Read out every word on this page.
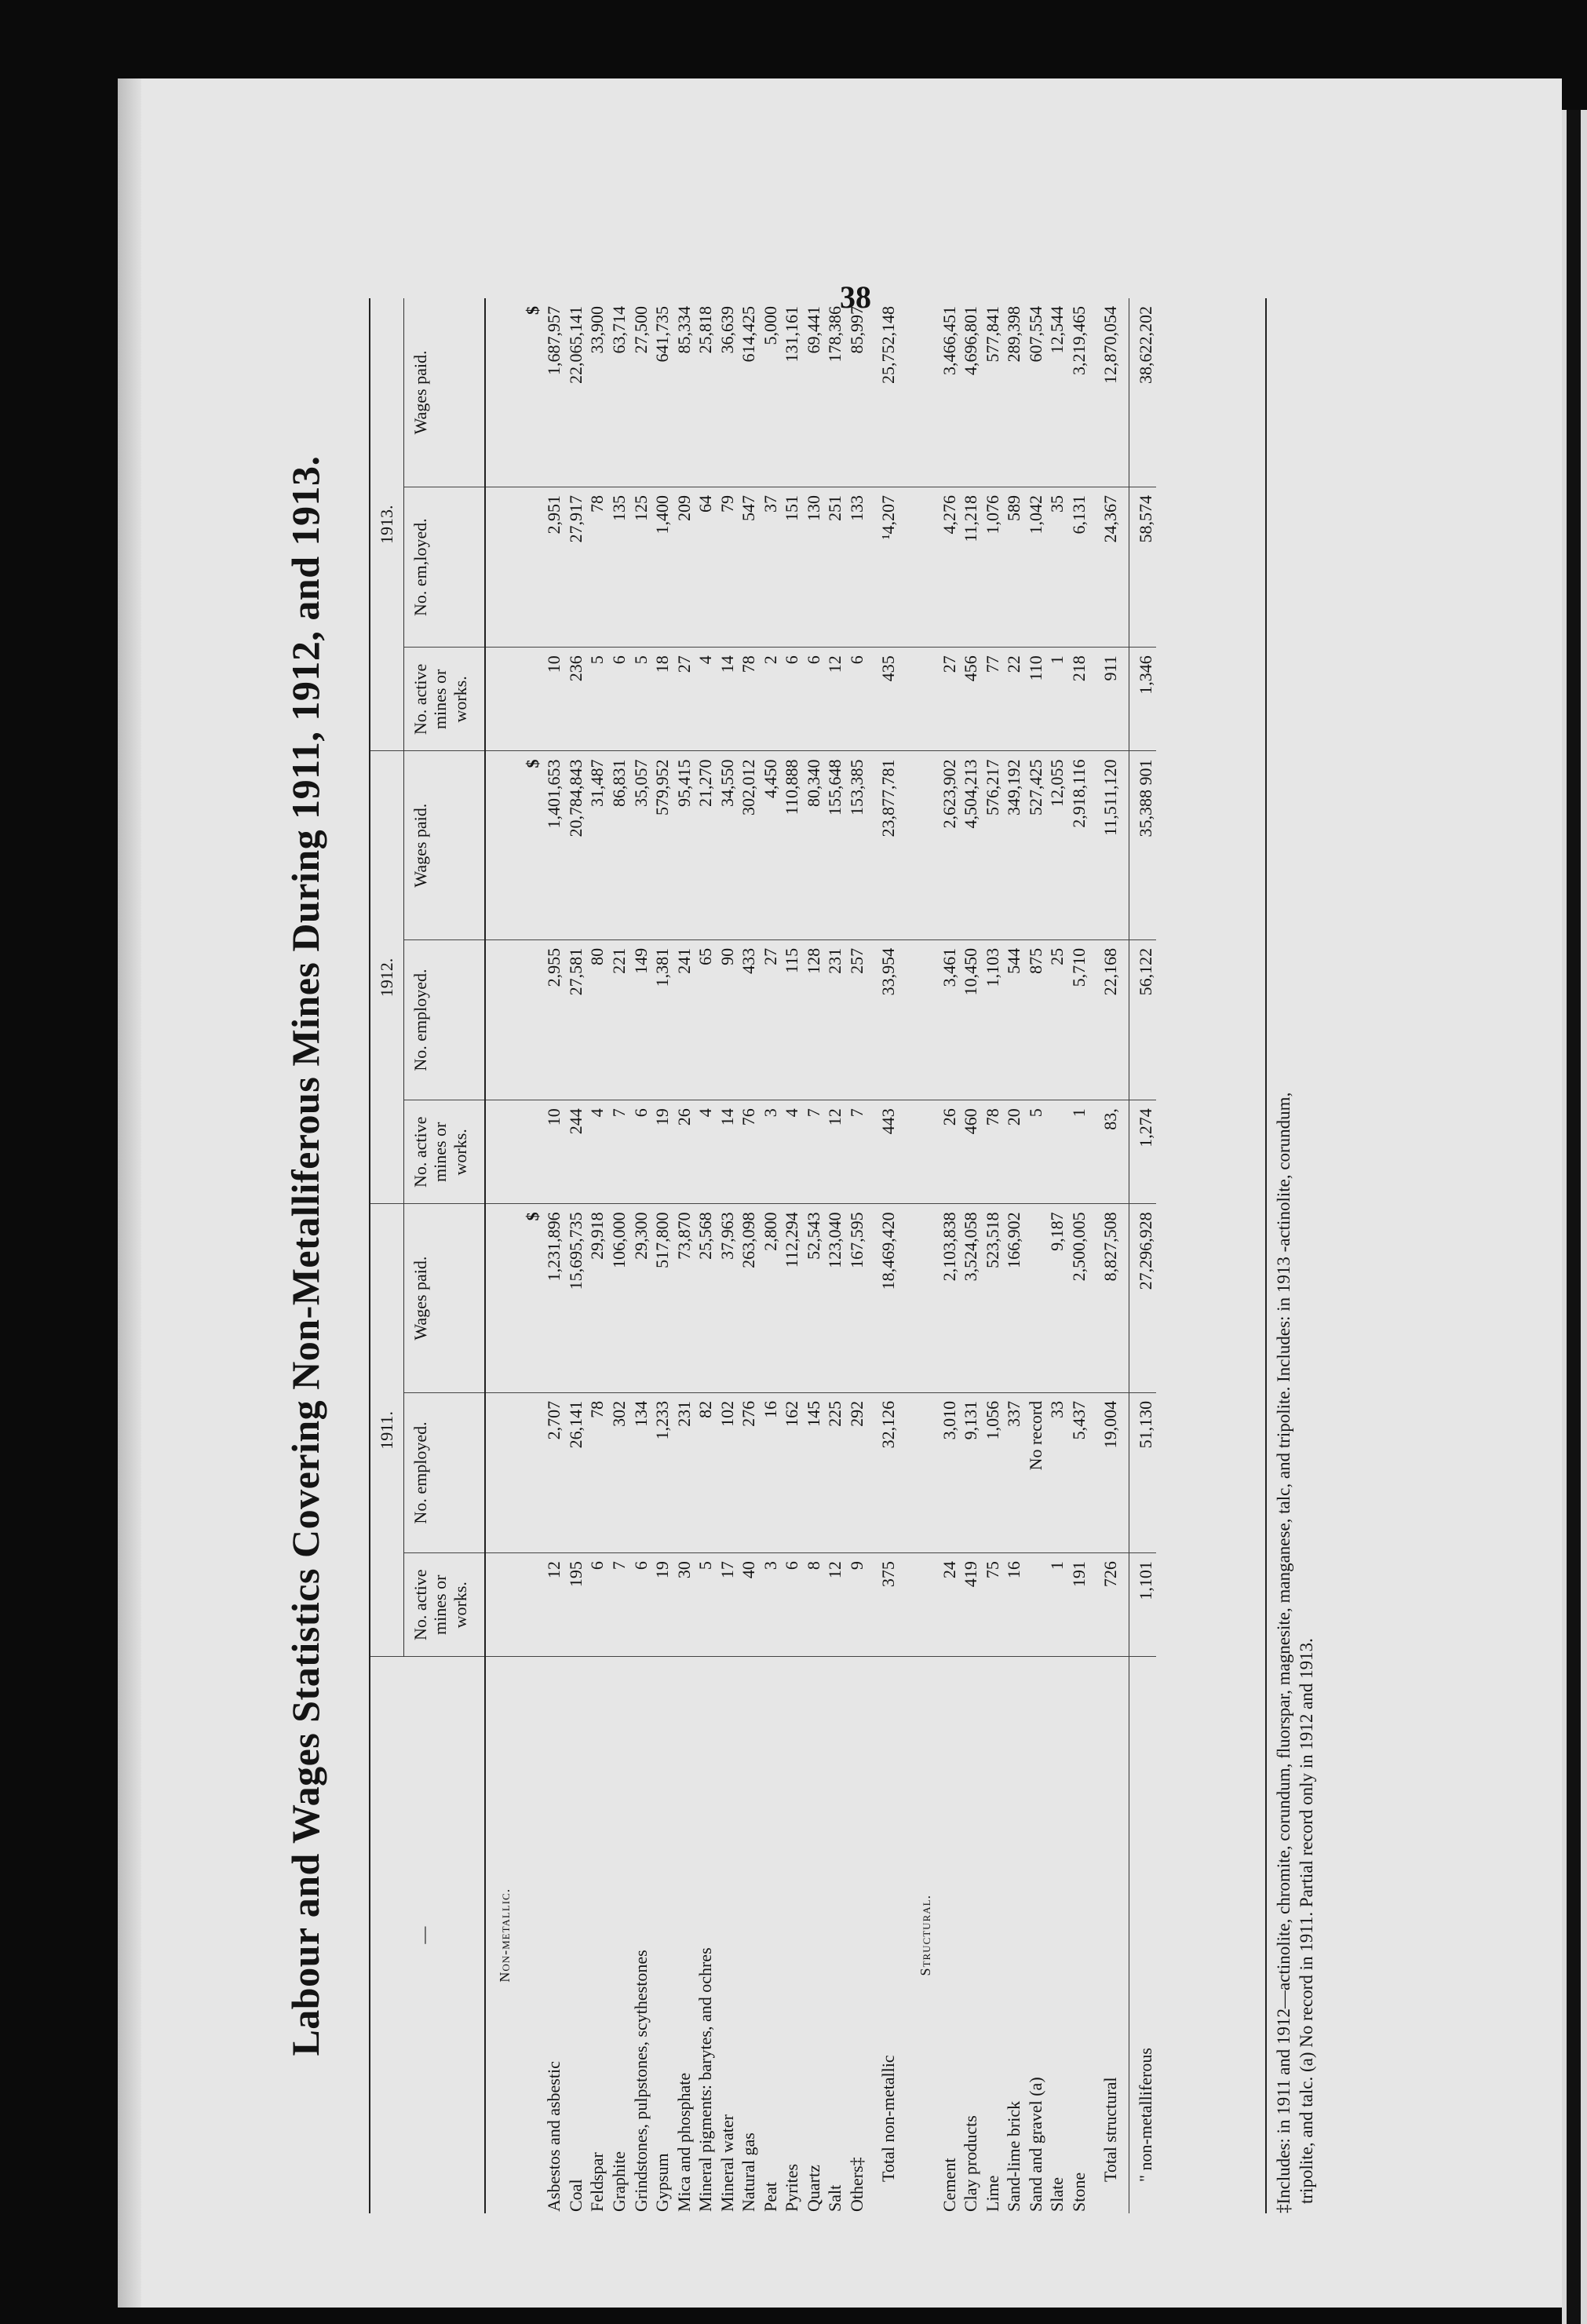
38
Labour and Wages Statistics Covering Non-Metalliferous Mines During 1911, 1912, and 1913.	—	1911.			1912.			1913.		
	No. active mines or works.	No. employed.	Wages paid.	No. active mines or works.	No. employed.	Wages paid.	No. active mines or works.	No. em,loyed.	Wages paid.
Non-metallic.									
			$			$			$
Asbestos and asbestic	12	2,707	1,231,896	10	2,955	1,401,653	10	2,951	1,687,957
Coal	195	26,141	15,695,735	244	27,581	20,784,843	236	27,917	22,065,141
Feldspar	6	78	29,918	4	80	31,487	5	78	33,900
Graphite	7	302	106,000	7	221	86,831	6	135	63,714
Grindstones, pulpstones, scythestones	6	134	29,300	6	149	35,057	5	125	27,500
Gypsum	19	1,233	517,800	19	1,381	579,952	18	1,400	641,735
Mica and phosphate	30	231	73,870	26	241	95,415	27	209	85,334
Mineral pigments: barytes, and ochres	5	82	25,568	4	65	21,270	4	64	25,818
Mineral water	17	102	37,963	14	90	34,550	14	79	36,639
Natural gas	40	276	263,098	76	433	302,012	78	547	614,425
Peat	3	16	2,800	3	27	4,450	2	37	5,000
Pyrites	6	162	112,294	4	115	110,888	6	151	131,161
Quartz	8	145	52,543	7	128	80,340	6	130	69,441
Salt	12	225	123,040	12	231	155,648	12	251	178,386
Others‡	9	292	167,595	7	257	153,385	6	133	85,997
Total non-metallic	375	32,126	18,469,420	443	33,954	23,877,781	435	¹4,207	25,752,148
Structural.									
Cement	24	3,010	2,103,838	26	3,461	2,623,902	27	4,276	3,466,451
Clay products	419	9,131	3,524,058	460	10,450	4,504,213	456	11,218	4,696,801
Lime	75	1,056	523,518	78	1,103	576,217	77	1,076	577,841
Sand-lime brick	16	337	166,902	20	544	349,192	22	589	289,398
Sand and gravel (a)		No record		5	875	527,425	110	1,042	607,554
Slate	1	33	9,187		25	12,055	1	35	12,544
Stone	191	5,437	2,500,005	1	5,710	2,918,116	218	6,131	3,219,465
Total structural	726	19,004	8,827,508	83,	22,168	11,511,120	911	24,367	12,870,054
" non-metalliferous	1,101	51,130	27,296,928	1,274	56,122	35,388 901	1,346	58,574	38,622,202
‡Includes: in 1911 and 1912—actinolite, chromite, corundum, fluorspar, magnesite, manganese, talc, and tripolite. Includes: in 1913 -actinolite, corundum, tripolite, and talc. (a) No record in 1911. Partial record only in 1912 and 1913.
